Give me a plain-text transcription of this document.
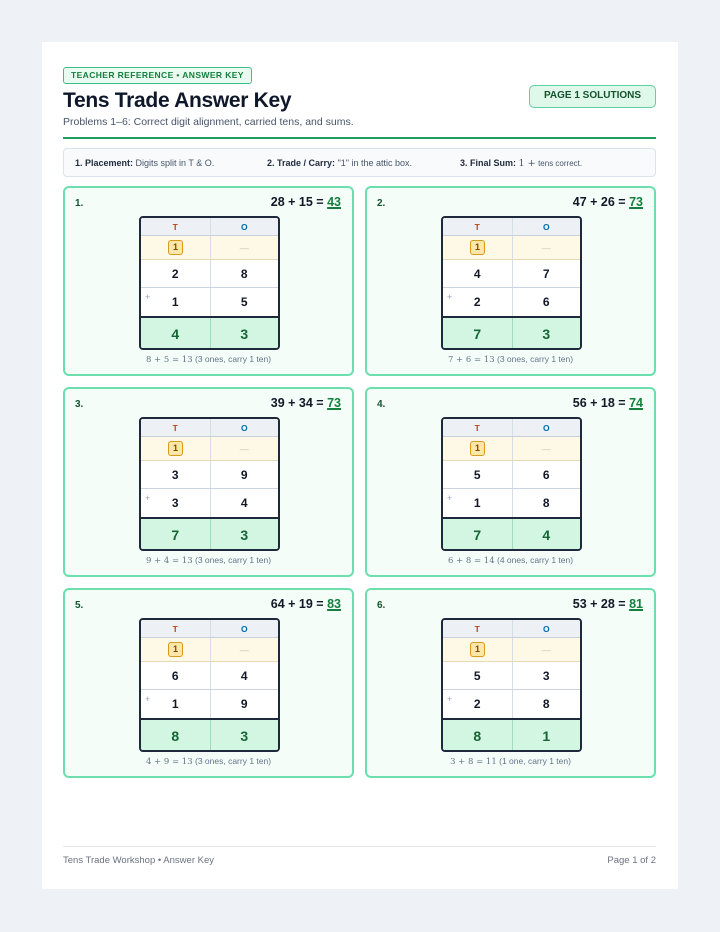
TEACHER REFERENCE • ANSWER KEY
Tens Trade Answer Key
Problems 1–6: Correct digit alignment, carried tens, and sums.
PAGE 1 SOLUTIONS
1. Placement: Digits split in T & O.	2. Trade / Carry: "1" in the attic box.	3. Final Sum: 1 + tens correct.
1.	28 + 15 = 43
T	O
1	—
2	8
+	1	5
4	3
8 + 5 = 13 (3 ones, carry 1 ten)
2.	47 + 26 = 73
T	O
1	—
4	7
+	2	6
7	3
7 + 6 = 13 (3 ones, carry 1 ten)
3.	39 + 34 = 73
T	O
1	—
3	9
+	3	4
7	3
9 + 4 = 13 (3 ones, carry 1 ten)
4.	56 + 18 = 74
T	O
1	—
5	6
+	1	8
7	4
6 + 8 = 14 (4 ones, carry 1 ten)
5.	64 + 19 = 83
T	O
1	—
6	4
+	1	9
8	3
4 + 9 = 13 (3 ones, carry 1 ten)
6.	53 + 28 = 81
T	O
1	—
5	3
+	2	8
8	1
3 + 8 = 11 (1 one, carry 1 ten)
Tens Trade Workshop • Answer Key	Page 1 of 2
